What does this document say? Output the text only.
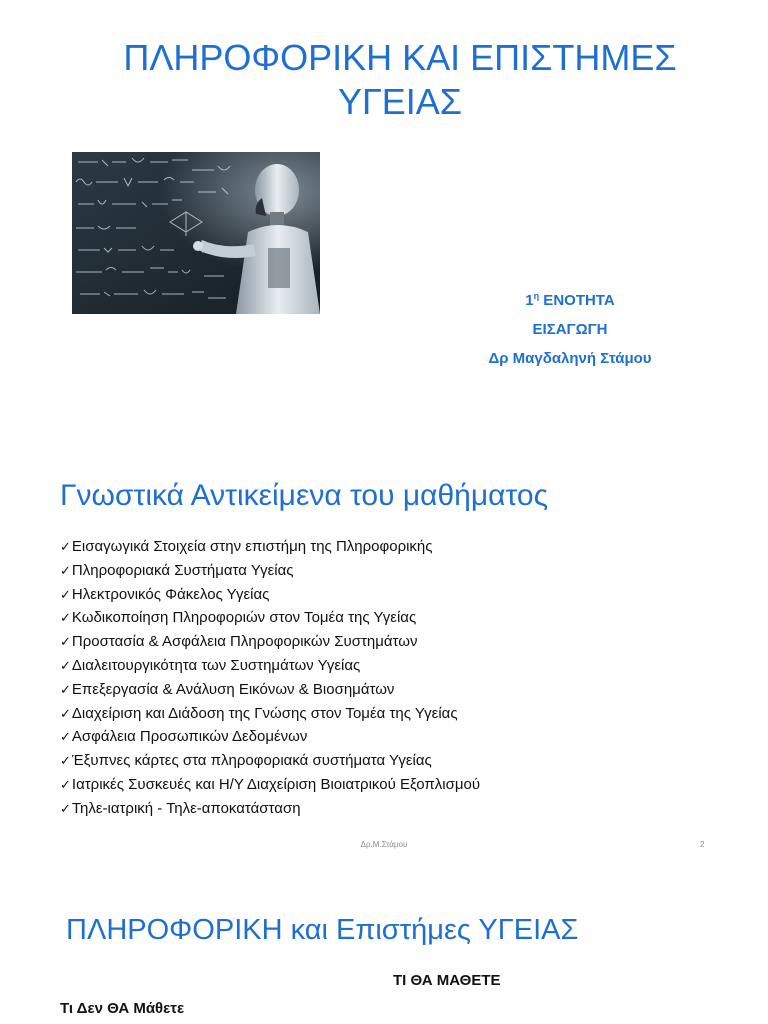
ΠΛΗΡΟΦΟΡΙΚΗ ΚΑΙ ΕΠΙΣΤΗΜΕΣ
ΥΓΕΙΑΣ
$1^\eta$ ΕΝΟΤΗΤΑ
ΕΙΣΑΓΩΓΗ
Δρ Μαγδαληνή Στάμου
Γνωστικά Αντικείμενα του μαθήματος
✓Εισαγωγικά Στοιχεία στην επιστήμη της Πληροφορικής
✓Πληροφοριακά Συστήματα Υγείας
✓Ηλεκτρονικός Φάκελος Υγείας
✓Κωδικοποίηση Πληροφοριών στον Τομέα της Υγείας
✓Προστασία & Ασφάλεια Πληροφορικών Συστημάτων
✓Διαλειτουργικότητα των Συστημάτων Υγείας
✓Επεξεργασία & Ανάλυση Εικόνων & Βιοσημάτων
✓Διαχείριση και Διάδοση της Γνώσης στον Τομέα της Υγείας
✓Ασφάλεια Προσωπικών Δεδομένων
✓Έξυπνες κάρτες στα πληροφοριακά συστήματα Υγείας
✓Ιατρικές Συσκευές και Η/Υ Διαχείριση Βιοιατρικού Εξοπλισμού
✓Τηλε-ιατρική - Τηλε-αποκατάσταση
Δρ.Μ.Στάμου	2
ΠΛΗΡΟΦΟΡΙΚΗ και Επιστήμες ΥΓΕΙΑΣ
ΤΙ ΘΑ ΜΑΘΕΤΕ
Τι Δεν ΘΑ Μάθετε
